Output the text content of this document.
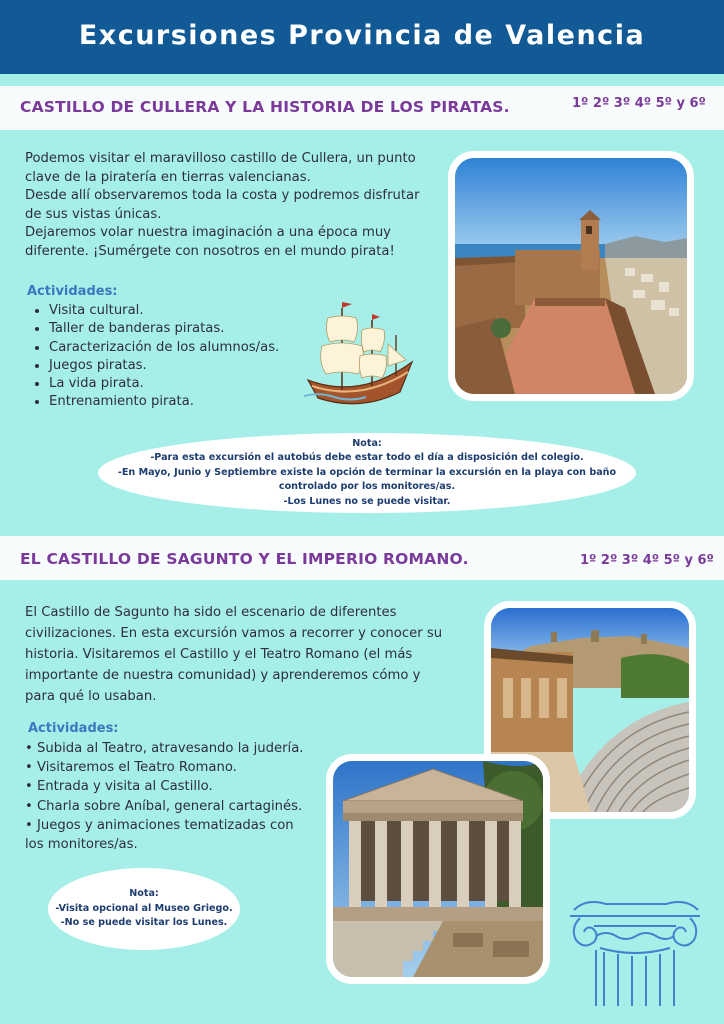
Excursiones Provincia de Valencia
CASTILLO DE CULLERA Y LA HISTORIA DE LOS PIRATAS.	1º 2º 3º 4º 5º y 6º
Podemos visitar el maravilloso castillo de Cullera, un punto
clave de la piratería en tierras valencianas.
Desde allí observaremos toda la costa y podremos disfrutar
de sus vistas únicas.
Dejaremos volar nuestra imaginación a una época muy
diferente. ¡Sumérgete con nosotros en el mundo pirata!
Actividades:
• Visita cultural.
• Taller de banderas piratas.
• Caracterización de los alumnos/as.
• Juegos piratas.
• La vida pirata.
• Entrenamiento pirata.
Nota:
-Para esta excursión el autobús debe estar todo el día a disposición del colegio.
-En Mayo, Junio y Septiembre existe la opción de terminar la excursión en la playa con baño
controlado por los monitores/as.
-Los Lunes no se puede visitar.
EL CASTILLO DE SAGUNTO Y EL IMPERIO ROMANO.	1º 2º 3º 4º 5º y 6º
El Castillo de Sagunto ha sido el escenario de diferentes
civilizaciones. En esta excursión vamos a recorrer y conocer su
historia. Visitaremos el Castillo y el Teatro Romano (el más
importante de nuestra comunidad) y aprenderemos cómo y
para qué lo usaban.
Actividades:
• Subida al Teatro, atravesando la judería.
• Visitaremos el Teatro Romano.
• Entrada y visita al Castillo.
• Charla sobre Aníbal, general cartaginés.
• Juegos y animaciones tematizadas con
los monitores/as.
Nota:
-Visita opcional al Museo Griego.
-No se puede visitar los Lunes.
